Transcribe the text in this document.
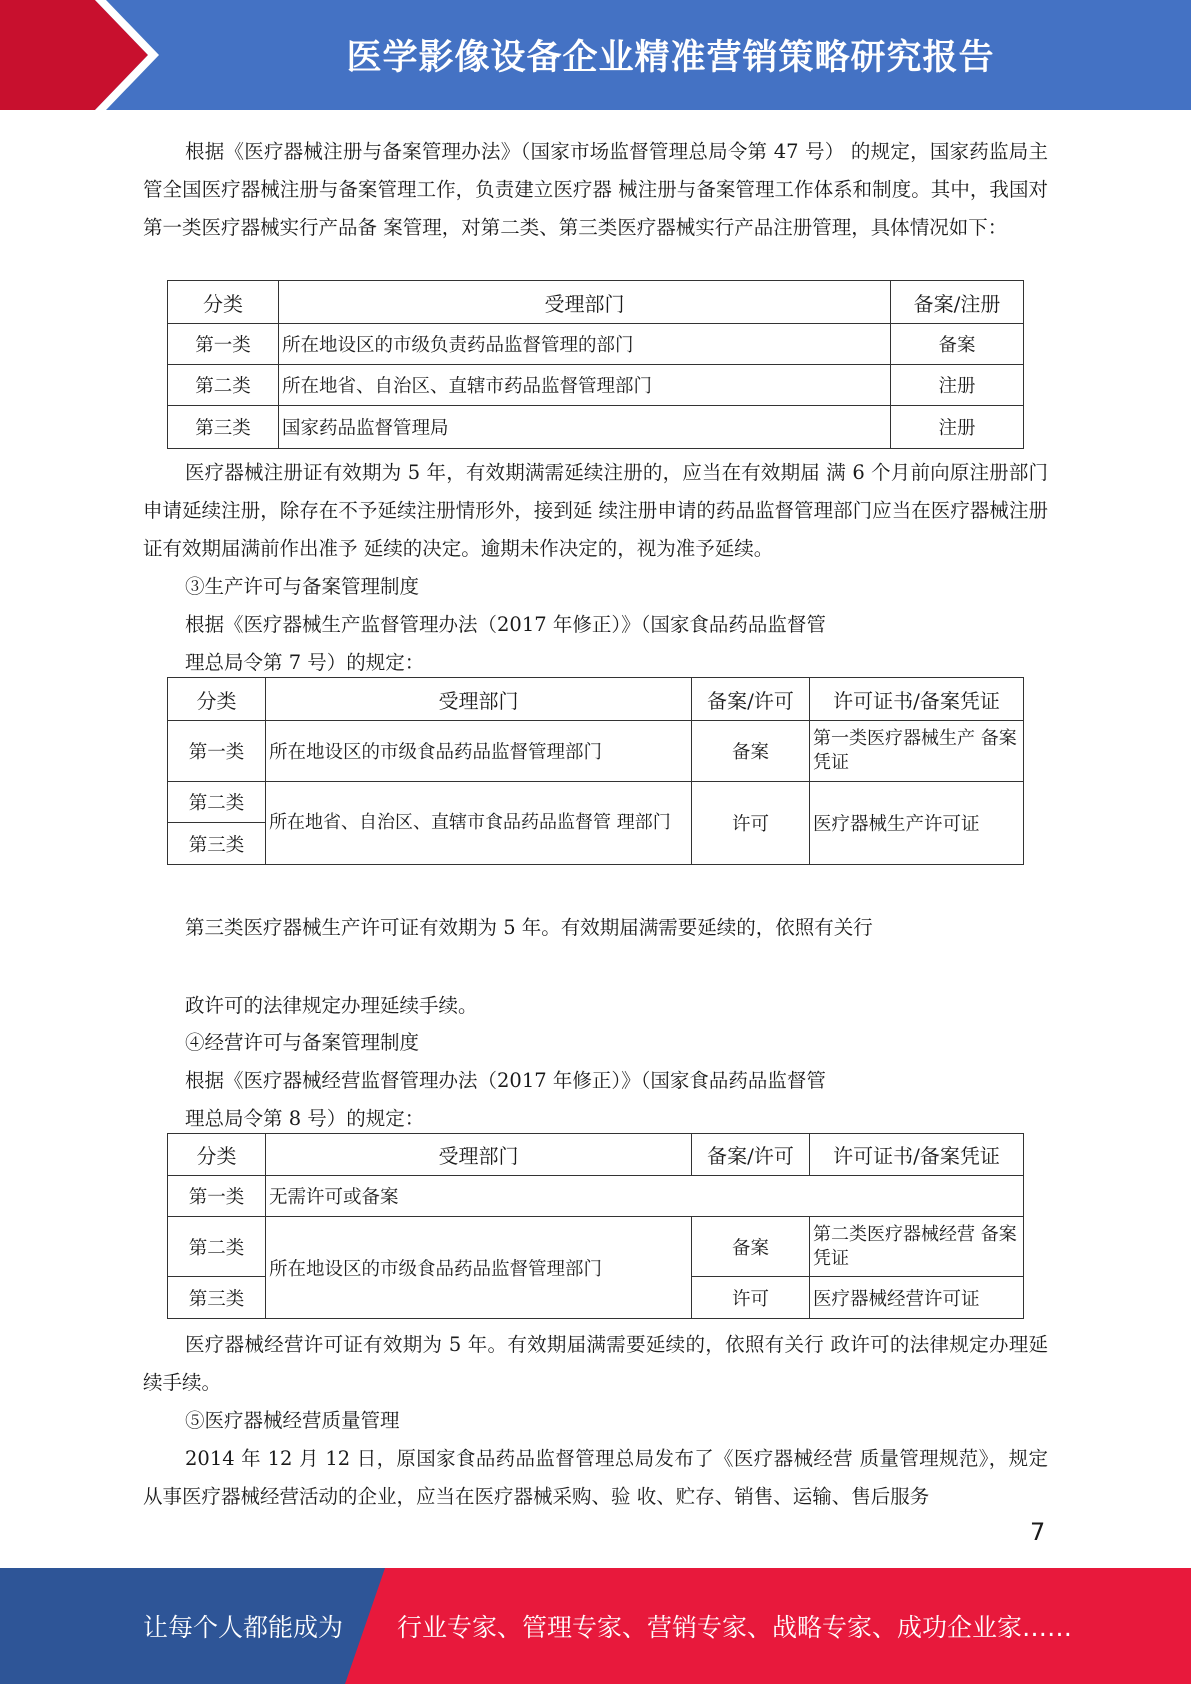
医学影像设备企业精准营销策略研究报告

根据《医疗器械注册与备案管理办法》（国家市场监督管理总局令第 47 号） 的规定，国家药监局主管全国医疗器械注册与备案管理工作，负责建立医疗器 械注册与备案管理工作体系和制度。其中，我国对第一类医疗器械实行产品备 案管理，对第二类、第三类医疗器械实行产品注册管理，具体情况如下：

分类	受理部门	备案/注册
第一类	所在地设区的市级负责药品监督管理的部门	备案
第二类	所在地省、自治区、直辖市药品监督管理部门	注册
第三类	国家药品监督管理局	注册

医疗器械注册证有效期为 5 年，有效期满需延续注册的，应当在有效期届 满 6 个月前向原注册部门申请延续注册，除存在不予延续注册情形外，接到延 续注册申请的药品监督管理部门应当在医疗器械注册证有效期届满前作出准予 延续的决定。逾期未作决定的，视为准予延续。

③生产许可与备案管理制度

根据《医疗器械生产监督管理办法（2017 年修正）》（国家食品药品监督管

理总局令第 7 号）的规定：

分类	受理部门	备案/许可	许可证书/备案凭证
第一类	所在地设区的市级食品药品监督管理部门	备案	第一类医疗器械生产 备案凭证
第二类	所在地省、自治区、直辖市食品药品监督管 理部门	许可	医疗器械生产许可证
第三类			

第三类医疗器械生产许可证有效期为 5 年。有效期届满需要延续的，依照有关行

政许可的法律规定办理延续手续。

④经营许可与备案管理制度

根据《医疗器械经营监督管理办法（2017 年修正）》（国家食品药品监督管

理总局令第 8 号）的规定：

分类	受理部门	备案/许可	许可证书/备案凭证
第一类	无需许可或备案		
第二类	所在地设区的市级食品药品监督管理部门	备案	第二类医疗器械经营 备案凭证
第三类		许可	医疗器械经营许可证

医疗器械经营许可证有效期为 5 年。有效期届满需要延续的，依照有关行 政许可的法律规定办理延续手续。

⑤医疗器械经营质量管理

2014 年 12 月 12 日，原国家食品药品监督管理总局发布了《医疗器械经营 质量管理规范》，规定从事医疗器械经营活动的企业，应当在医疗器械采购、验 收、贮存、销售、运输、售后服务

7
让每个人都能成为 行业专家、管理专家、营销专家、战略专家、成功企业家……
